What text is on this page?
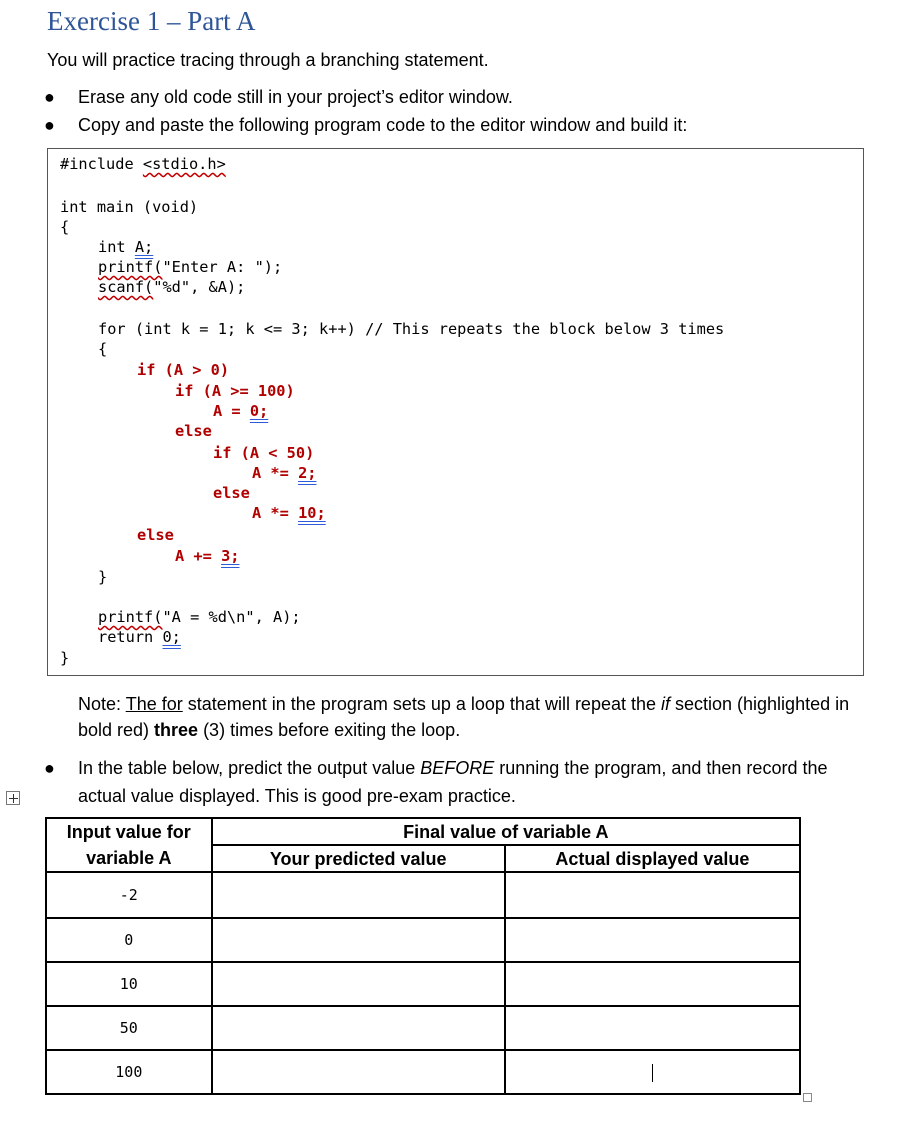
Exercise 1 – Part A
You will practice tracing through a branching statement.
● Erase any old code still in your project’s editor window.
● Copy and paste the following program code to the editor window and build it:
#include <stdio.h>
int main (void)
{
int A;
printf("Enter A: ");
scanf("%d", &A);
for (int k = 1; k <= 3; k++) // This repeats the block below 3 times
{
if (A > 0)
if (A >= 100)
A = 0;
else
if (A < 50)
A *= 2;
else
A *= 10;
else
A += 3;
}
printf("A = %d\n", A);
return 0;
}
Note: The for statement in the program sets up a loop that will repeat the if section (highlighted in bold red) three (3) times before exiting the loop.
● In the table below, predict the output value BEFORE running the program, and then record the actual value displayed. This is good pre-exam practice.
Input value for variable A	Final value of variable A	
	Your predicted value	Actual displayed value
-2		
0		
10		
50		
100		
